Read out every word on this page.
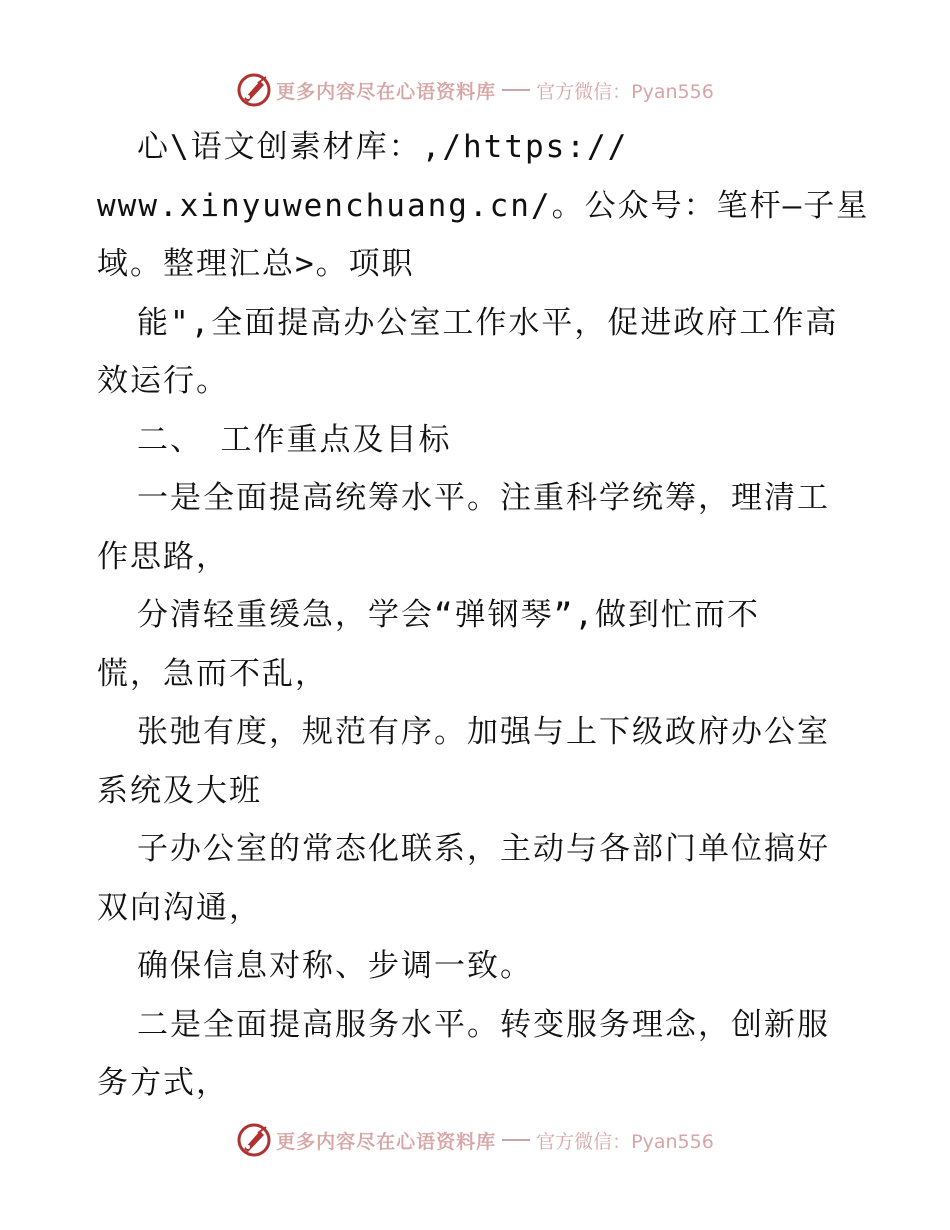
更多内容尽在心语资料库 官方微信：Pyan556
心\语文创素材库：,/https://
www.xinyuwenchuang.cn/。公众号：笔杆—子星
域。整理汇总>。项职
能",全面提高办公室工作水平，促进政府工作高
效运行。
二、　工作重点及目标
一是全面提高统筹水平。注重科学统筹，理清工
作思路，
分清轻重缓急，学会“弹钢琴”,做到忙而不
慌，急而不乱，
张弛有度，规范有序。加强与上下级政府办公室
系统及大班
子办公室的常态化联系，主动与各部门单位搞好
双向沟通，
确保信息对称、步调一致。
二是全面提高服务水平。转变服务理念，创新服
务方式，
更多内容尽在心语资料库 官方微信：Pyan556
